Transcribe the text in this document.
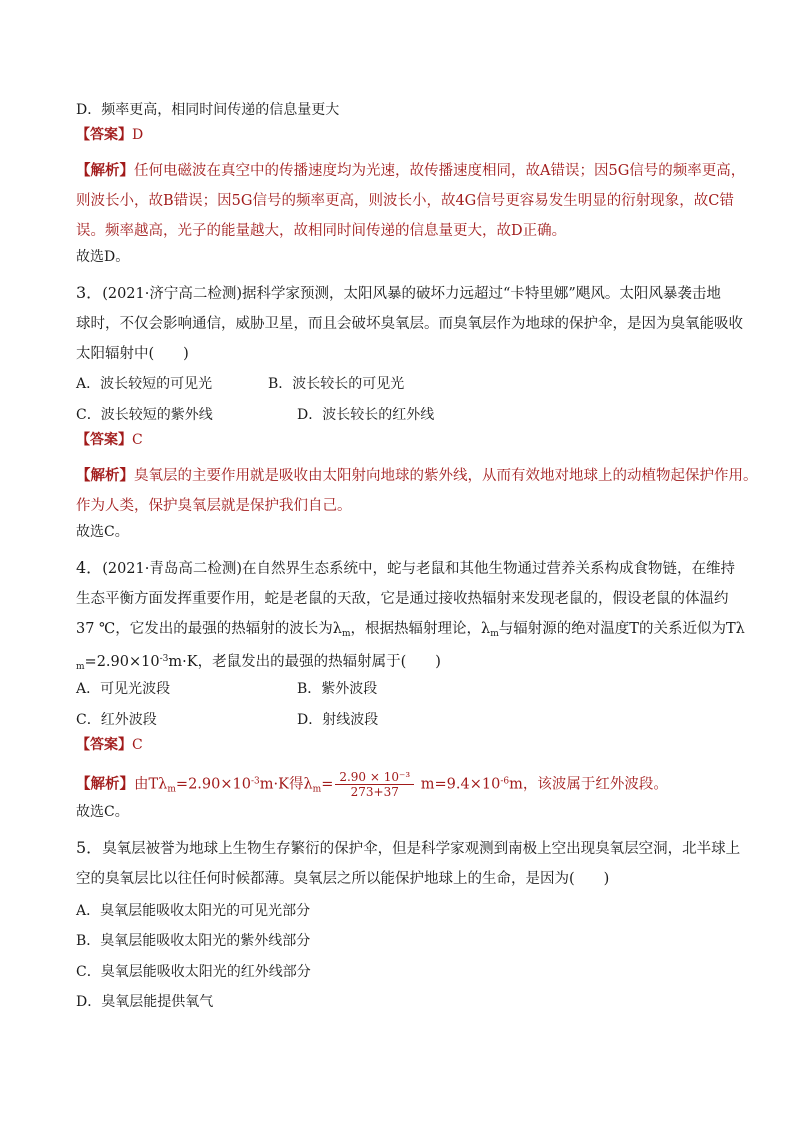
D．频率更高，相同时间传递的信息量更大
【答案】D
【解析】任何电磁波在真空中的传播速度均为光速，故传播速度相同，故A错误；因5G信号的频率更高，
则波长小，故B错误；因5G信号的频率更高，则波长小，故4G信号更容易发生明显的衍射现象，故C错
误。频率越高，光子的能量越大，故相同时间传递的信息量更大，故D正确。
故选D。
3．(2021·济宁高二检测)据科学家预测，太阳风暴的破坏力远超过“卡特里娜”飓风。太阳风暴袭击地
球时，不仅会影响通信，威胁卫星，而且会破坏臭氧层。而臭氧层作为地球的保护伞，是因为臭氧能吸收
太阳辐射中(　　)
A．波长较短的可见光	B．波长较长的可见光
C．波长较短的紫外线	D．波长较长的红外线
【答案】C
【解析】臭氧层的主要作用就是吸收由太阳射向地球的紫外线，从而有效地对地球上的动植物起保护作用。
作为人类，保护臭氧层就是保护我们自己。
故选C。
4．(2021·青岛高二检测)在自然界生态系统中，蛇与老鼠和其他生物通过营养关系构成食物链，在维持
生态平衡方面发挥重要作用，蛇是老鼠的天敌，它是通过接收热辐射来发现老鼠的，假设老鼠的体温约
37 ℃，它发出的最强的热辐射的波长为$\lambda_m$，根据热辐射理论，$\lambda_m$与辐射源的绝对温度T的关系近似为Tλ
$_m=2.90\times 10^{-3}m\cdot K$，老鼠发出的最强的热辐射属于(　　)
A．可见光波段	B．紫外波段
C．红外波段	D．射线波段
【答案】C
【解析】由$T\lambda_m=2.90\times 10^{-3}m\cdot K$得$\lambda_m= \frac{\text{2.90 × 10⁻³}}{273+37} m=9.4\times 10^{-6}m$，该波属于红外波段。
故选C。
5．臭氧层被誉为地球上生物生存繁衍的保护伞，但是科学家观测到南极上空出现臭氧层空洞，北半球上
空的臭氧层比以往任何时候都薄。臭氧层之所以能保护地球上的生命，是因为(　　)
A．臭氧层能吸收太阳光的可见光部分
B．臭氧层能吸收太阳光的紫外线部分
C．臭氧层能吸收太阳光的红外线部分
D．臭氧层能提供氧气
